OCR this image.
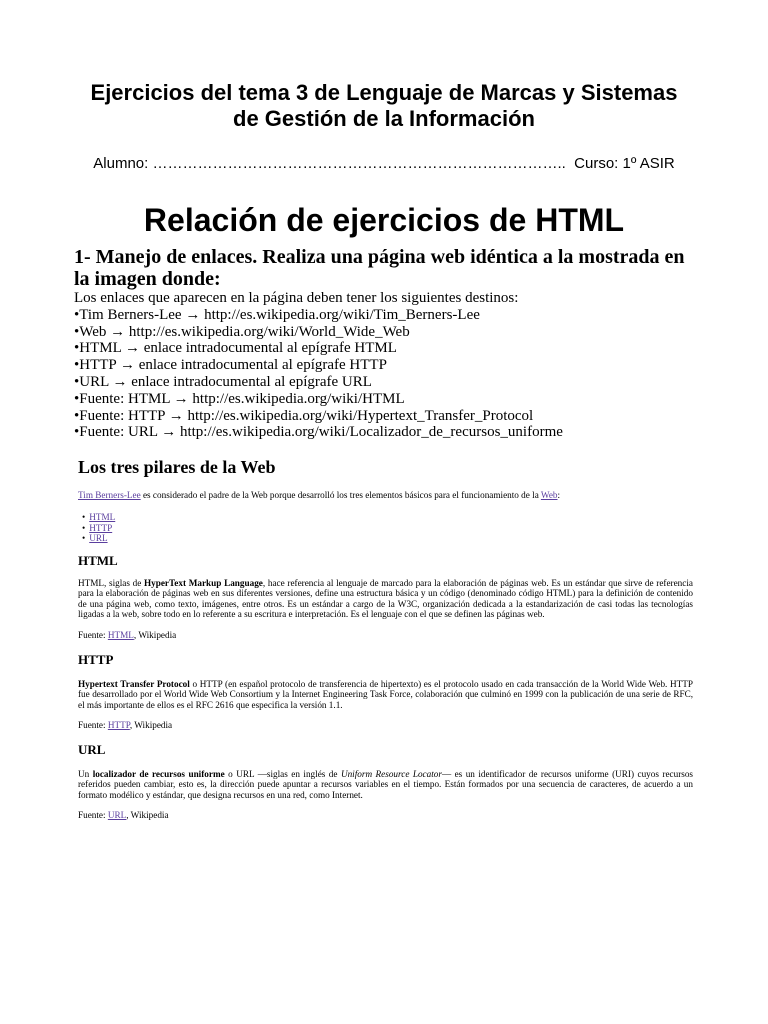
Ejercicios del tema 3 de Lenguaje de Marcas y Sistemas
de Gestión de la Información
Alumno: ……………………………………………………………………….. Curso: 1º ASIR
Relación de ejercicios de HTML
1- Manejo de enlaces. Realiza una página web idéntica a la mostrada en la imagen donde:
Los enlaces que aparecen en la página deben tener los siguientes destinos:
•Tim Berners-Lee → http://es.wikipedia.org/wiki/Tim_Berners-Lee
•Web → http://es.wikipedia.org/wiki/World_Wide_Web
•HTML → enlace intradocumental al epígrafe HTML
•HTTP → enlace intradocumental al epígrafe HTTP
•URL → enlace intradocumental al epígrafe URL
•Fuente: HTML → http://es.wikipedia.org/wiki/HTML
•Fuente: HTTP → http://es.wikipedia.org/wiki/Hypertext_Transfer_Protocol
•Fuente: URL → http://es.wikipedia.org/wiki/Localizador_de_recursos_uniforme
Los tres pilares de la Web
Tim Berners-Lee es considerado el padre de la Web porque desarrolló los tres elementos básicos para el funcionamiento de la Web:
• HTML
• HTTP
• URL
HTML
HTML, siglas de HyperText Markup Language, hace referencia al lenguaje de marcado para la elaboración de páginas web. Es un estándar que sirve de referencia para la elaboración de páginas web en sus diferentes versiones, define una estructura básica y un código (denominado código HTML) para la definición de contenido de una página web, como texto, imágenes, entre otros. Es un estándar a cargo de la W3C, organización dedicada a la estandarización de casi todas las tecnologías ligadas a la web, sobre todo en lo referente a su escritura e interpretación. Es el lenguaje con el que se definen las páginas web.
Fuente: HTML, Wikipedia
HTTP
Hypertext Transfer Protocol o HTTP (en español protocolo de transferencia de hipertexto) es el protocolo usado en cada transacción de la World Wide Web. HTTP fue desarrollado por el World Wide Web Consortium y la Internet Engineering Task Force, colaboración que culminó en 1999 con la publicación de una serie de RFC, el más importante de ellos es el RFC 2616 que especifica la versión 1.1.
Fuente: HTTP, Wikipedia
URL
Un localizador de recursos uniforme o URL —siglas en inglés de Uniform Resource Locator— es un identificador de recursos uniforme (URI) cuyos recursos referidos pueden cambiar, esto es, la dirección puede apuntar a recursos variables en el tiempo. Están formados por una secuencia de caracteres, de acuerdo a un formato modélico y estándar, que designa recursos en una red, como Internet.
Fuente: URL, Wikipedia
